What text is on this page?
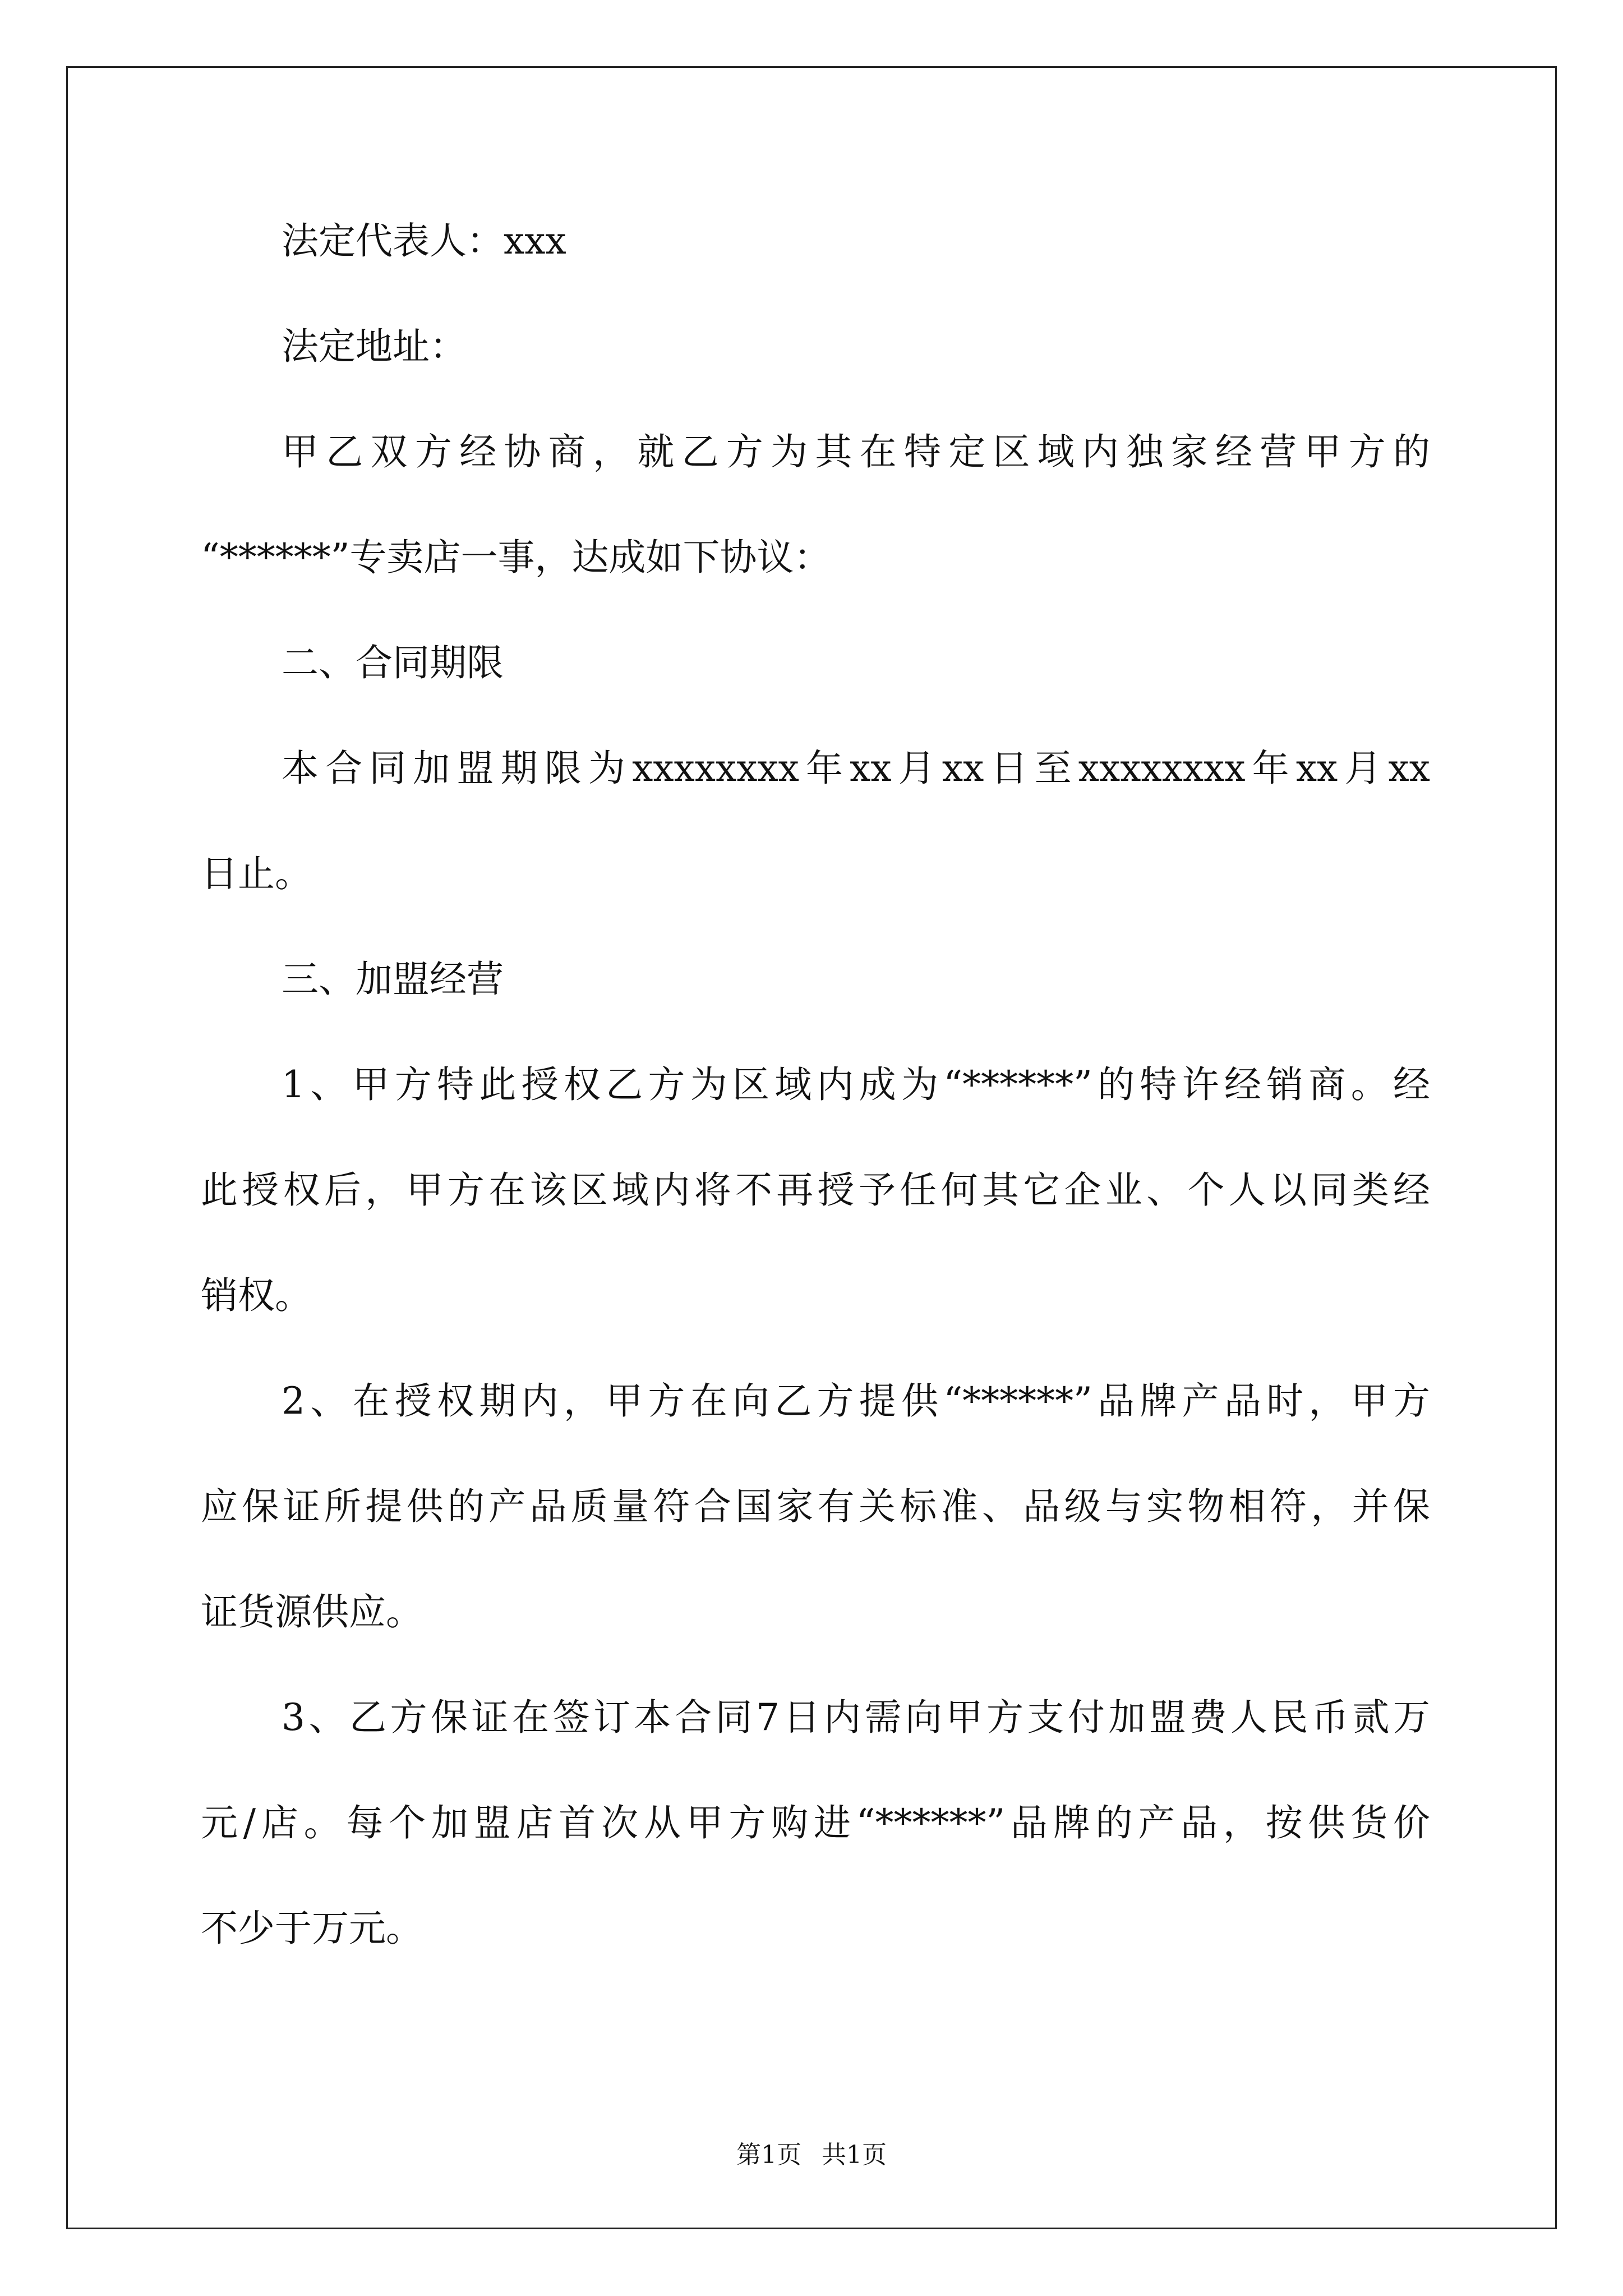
法定代表人：xxx
法定地址：
甲乙双方经协商，就乙方为其在特定区域内独家经营甲方的
“******”专卖店一事，达成如下协议：
二、合同期限
本合同加盟期限为xxxxxxxx年xx月xx日至xxxxxxxx年xx月xx
日止。
三、加盟经营
1、甲方特此授权乙方为区域内成为“******”的特许经销商。经
此授权后，甲方在该区域内将不再授予任何其它企业、个人以同类经
销权。
2、在授权期内，甲方在向乙方提供“******”品牌产品时，甲方
应保证所提供的产品质量符合国家有关标准、品级与实物相符，并保
证货源供应。
3、乙方保证在签订本合同7日内需向甲方支付加盟费人民币贰万
元/店。每个加盟店首次从甲方购进“******”品牌的产品，按供货价
不少于万元。
第1页 共1页
